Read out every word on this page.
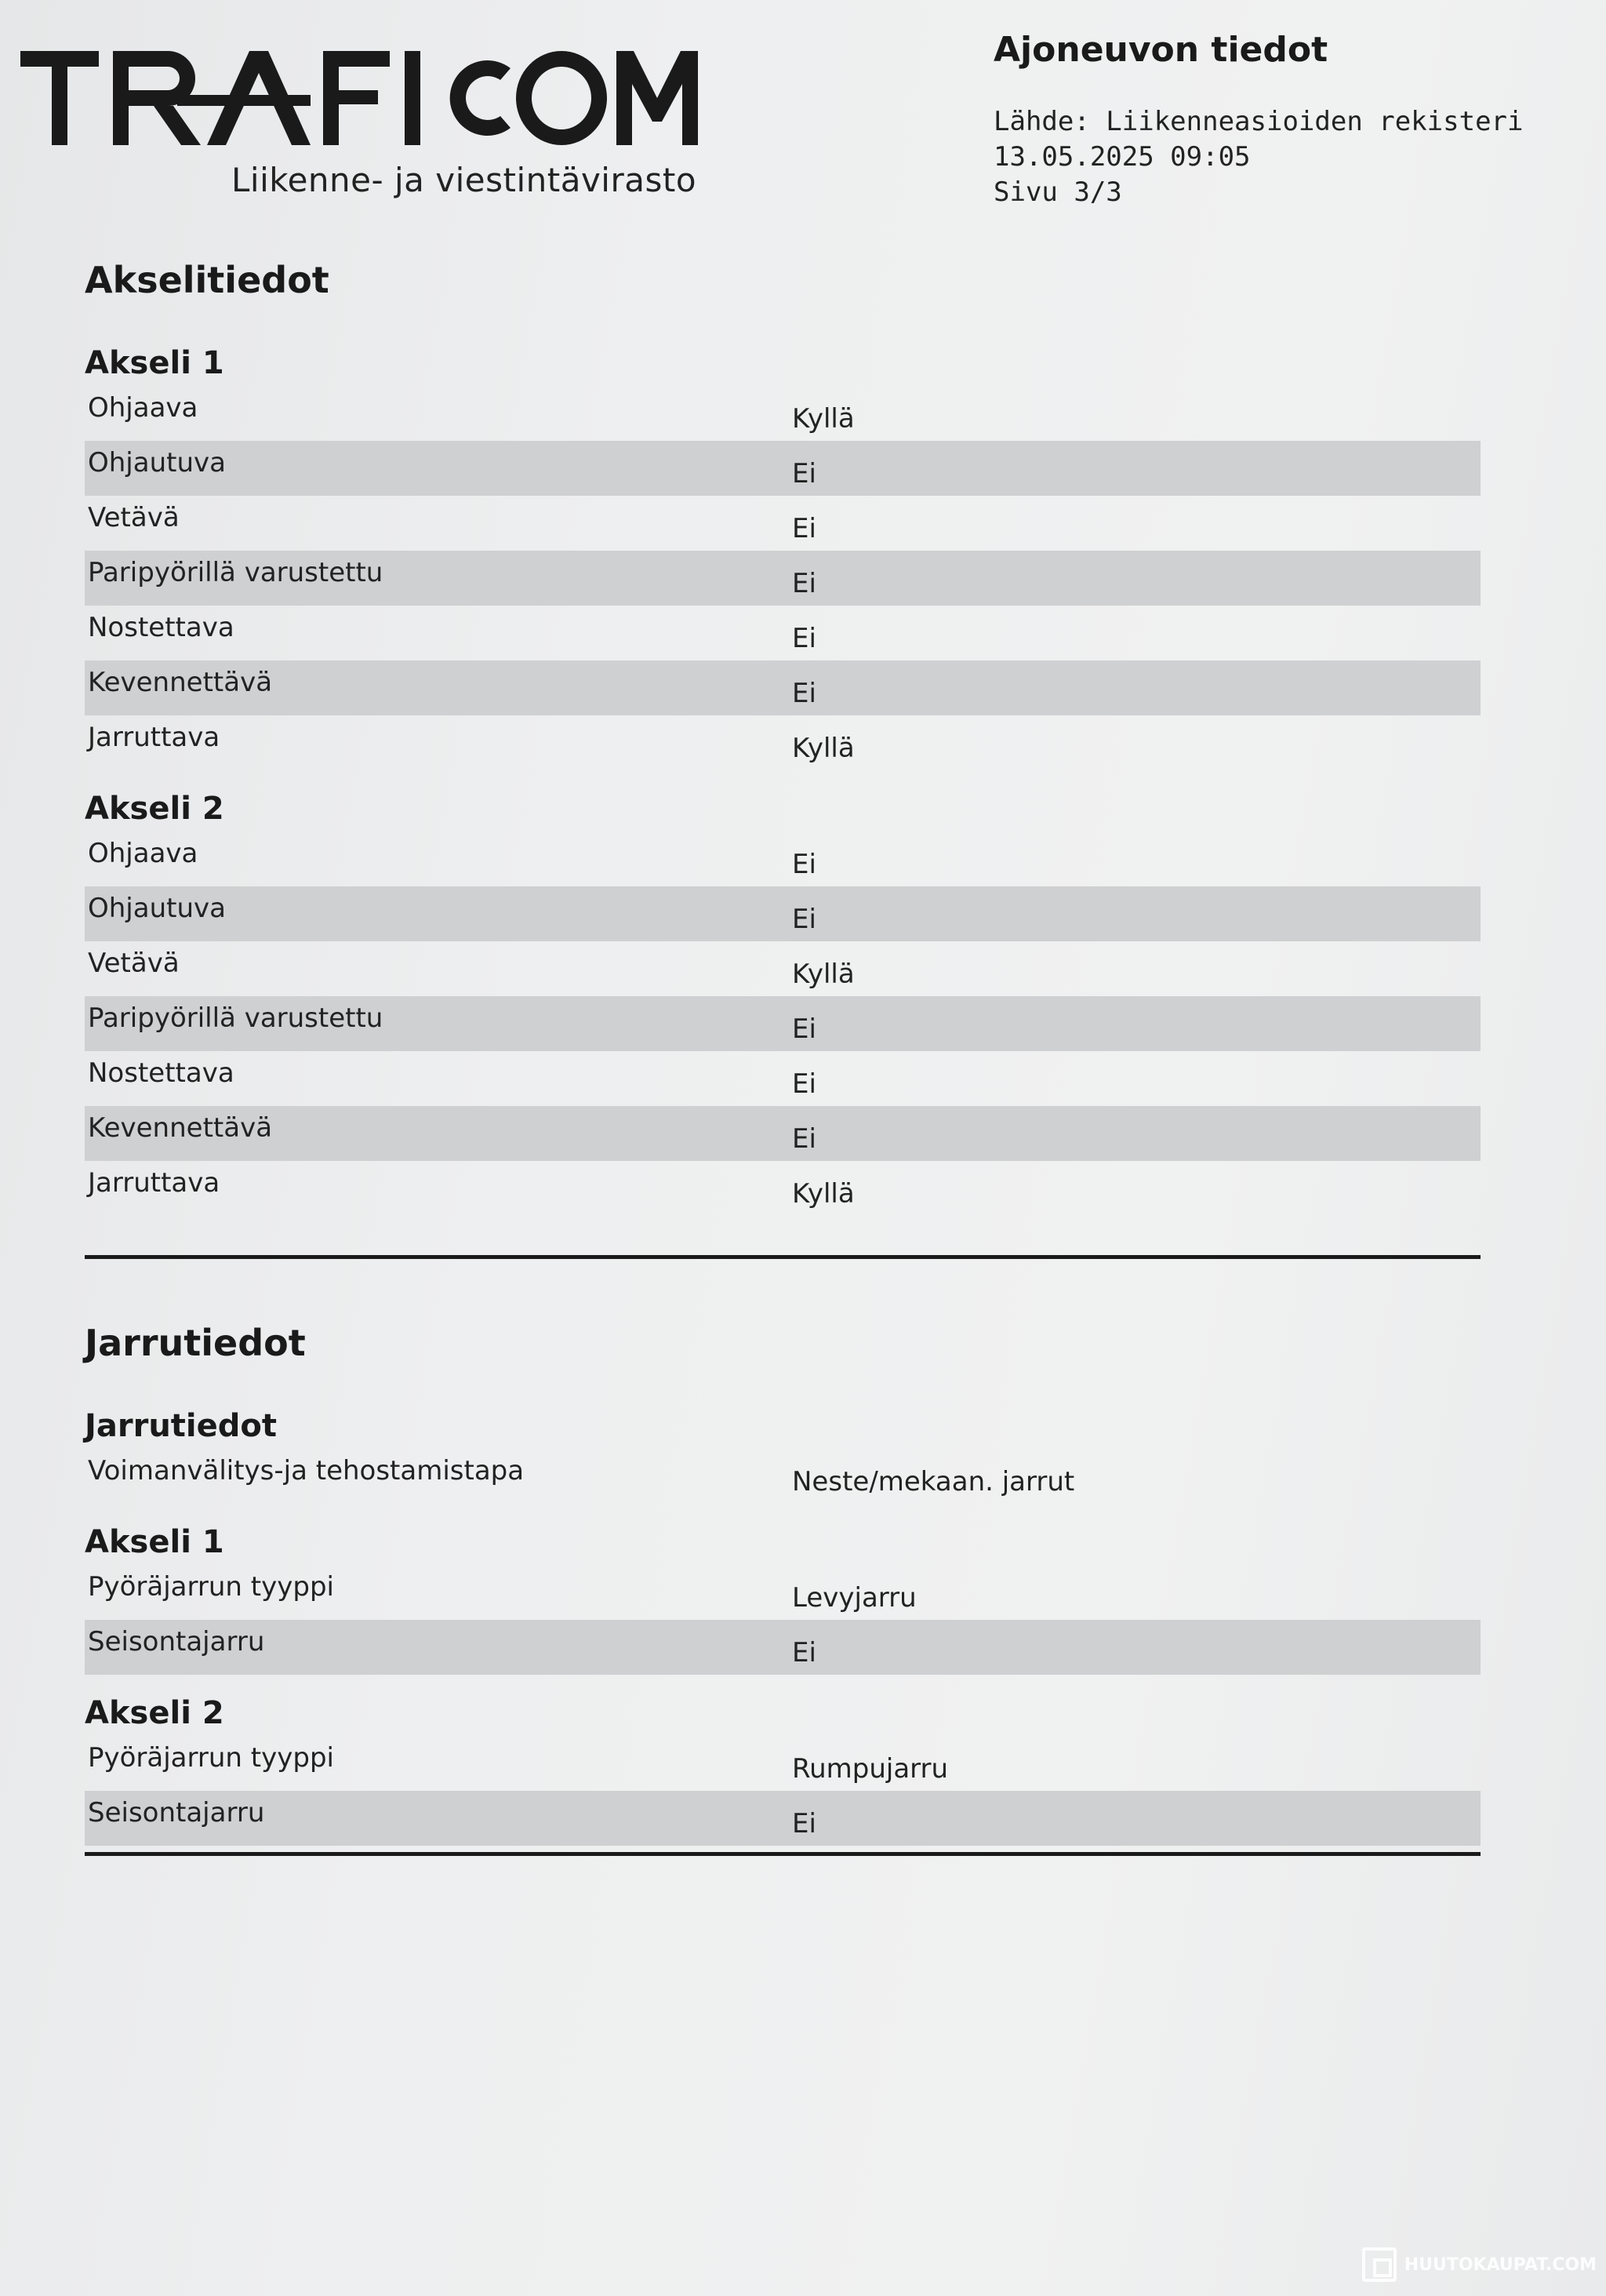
Liikenne- ja viestintävirasto
Ajoneuvon tiedot
Lähde: Liikenneasioiden rekisteri
13.05.2025 09:05
Sivu 3/3
Akselitiedot
Akseli 1
Ohjaava	Kyllä
Ohjautuva	Ei
Vetävä	Ei
Paripyörillä varustettu	Ei
Nostettava	Ei
Kevennettävä	Ei
Jarruttava	Kyllä
Akseli 2
Ohjaava	Ei
Ohjautuva	Ei
Vetävä	Kyllä
Paripyörillä varustettu	Ei
Nostettava	Ei
Kevennettävä	Ei
Jarruttava	Kyllä
Jarrutiedot
Jarrutiedot
Voimanvälitys-ja tehostamistapa	Neste/mekaan. jarrut
Akseli 1
Pyöräjarrun tyyppi	Levyjarru
Seisontajarru	Ei
Akseli 2
Pyöräjarrun tyyppi	Rumpujarru
Seisontajarru	Ei
HUUTOKAUPAT.COM
